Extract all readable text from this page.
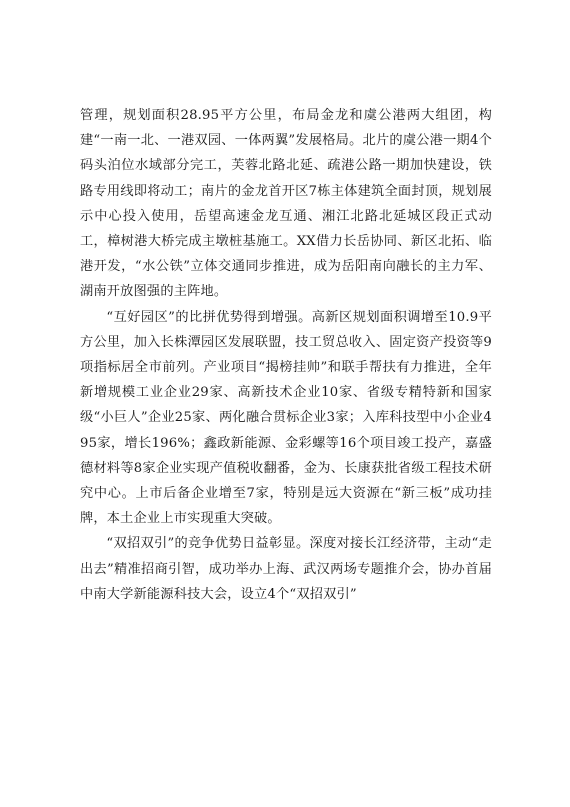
管理，规划面积28.95平方公里，布局金龙和虞公港两大组团，构建“一南一北、一港双园、一体两翼”发展格局。北片的虞公港一期4个码头泊位水域部分完工，芙蓉北路北延、疏港公路一期加快建设，铁路专用线即将动工；南片的金龙首开区7栋主体建筑全面封顶，规划展示中心投入使用，岳望高速金龙互通、湘江北路北延城区段正式动工，樟树港大桥完成主墩桩基施工。XX借力长岳协同、新区北拓、临港开发，“水公铁”立体交通同步推进，成为岳阳南向融长的主力军、湖南开放图强的主阵地。

“互好园区”的比拼优势得到增强。高新区规划面积调增至10.9平方公里，加入长株潭园区发展联盟，技工贸总收入、固定资产投资等9项指标居全市前列。产业项目“揭榜挂帅”和联手帮扶有力推进，全年新增规模工业企业29家、高新技术企业10家、省级专精特新和国家级“小巨人”企业25家、两化融合贯标企业3家；入库科技型中小企业495家，增长196%；鑫政新能源、金彩螺等16个项目竣工投产，嘉盛德材料等8家企业实现产值税收翻番，金为、长康获批省级工程技术研究中心。上市后备企业增至7家，特别是远大资源在“新三板”成功挂牌，本土企业上市实现重大突破。

“双招双引”的竞争优势日益彰显。深度对接长江经济带，主动“走出去”精准招商引智，成功举办上海、武汉两场专题推介会，协办首届中南大学新能源科技大会，设立4个“双招双引”
